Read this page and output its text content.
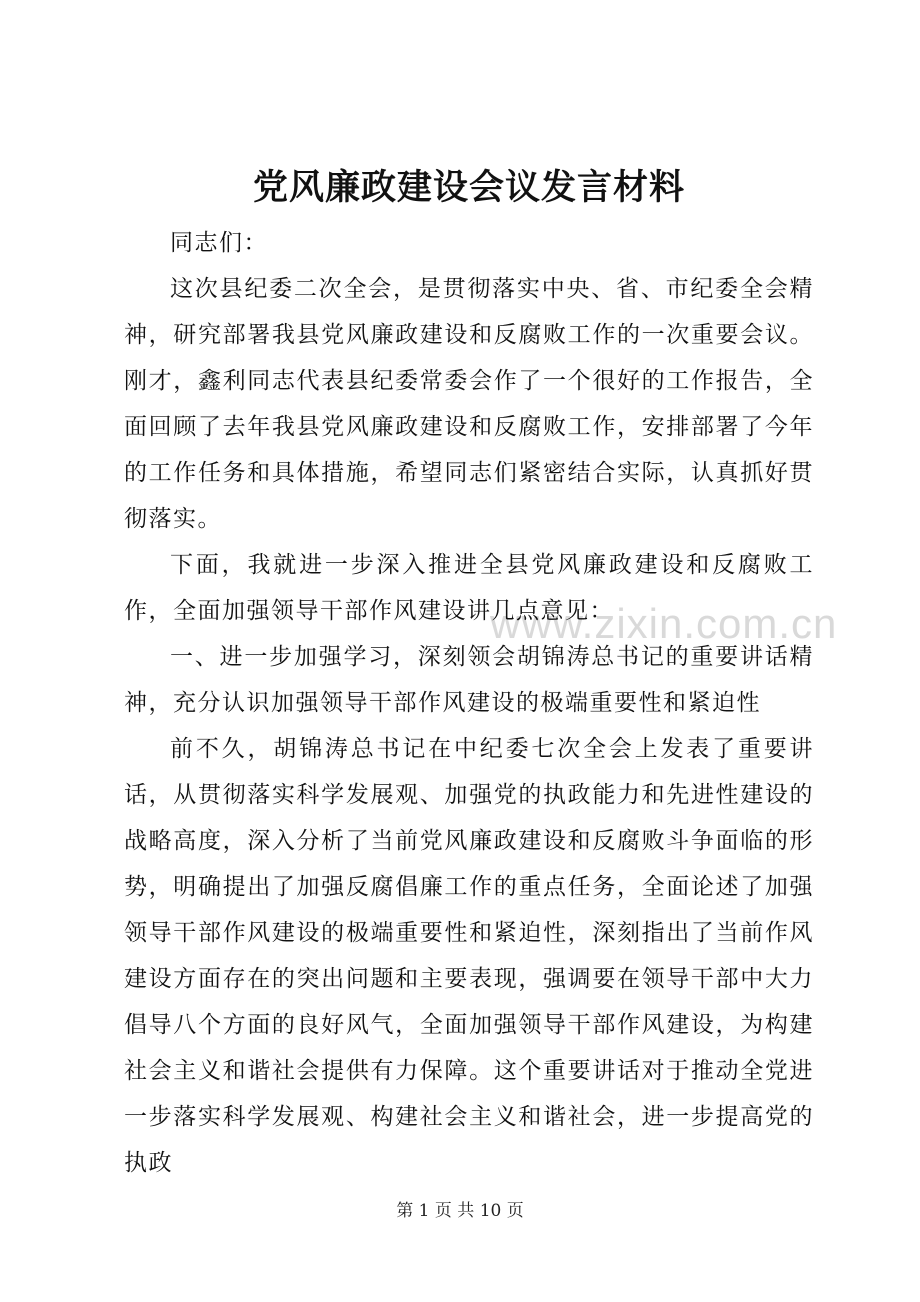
www.zixin.com.cn
党风廉政建设会议发言材料

同志们：

这次县纪委二次全会，是贯彻落实中央、省、市纪委全会精神，研究部署我县党风廉政建设和反腐败工作的一次重要会议。刚才，鑫利同志代表县纪委常委会作了一个很好的工作报告，全面回顾了去年我县党风廉政建设和反腐败工作，安排部署了今年的工作任务和具体措施，希望同志们紧密结合实际，认真抓好贯彻落实。

下面，我就进一步深入推进全县党风廉政建设和反腐败工作，全面加强领导干部作风建设讲几点意见：

一、进一步加强学习，深刻领会胡锦涛总书记的重要讲话精神，充分认识加强领导干部作风建设的极端重要性和紧迫性

前不久，胡锦涛总书记在中纪委七次全会上发表了重要讲话，从贯彻落实科学发展观、加强党的执政能力和先进性建设的战略高度，深入分析了当前党风廉政建设和反腐败斗争面临的形势，明确提出了加强反腐倡廉工作的重点任务，全面论述了加强领导干部作风建设的极端重要性和紧迫性，深刻指出了当前作风建设方面存在的突出问题和主要表现，强调要在领导干部中大力倡导八个方面的良好风气，全面加强领导干部作风建设，为构建社会主义和谐社会提供有力保障。这个重要讲话对于推动全党进一步落实科学发展观、构建社会主义和谐社会，进一步提高党的执政

第 1 页 共 10 页
